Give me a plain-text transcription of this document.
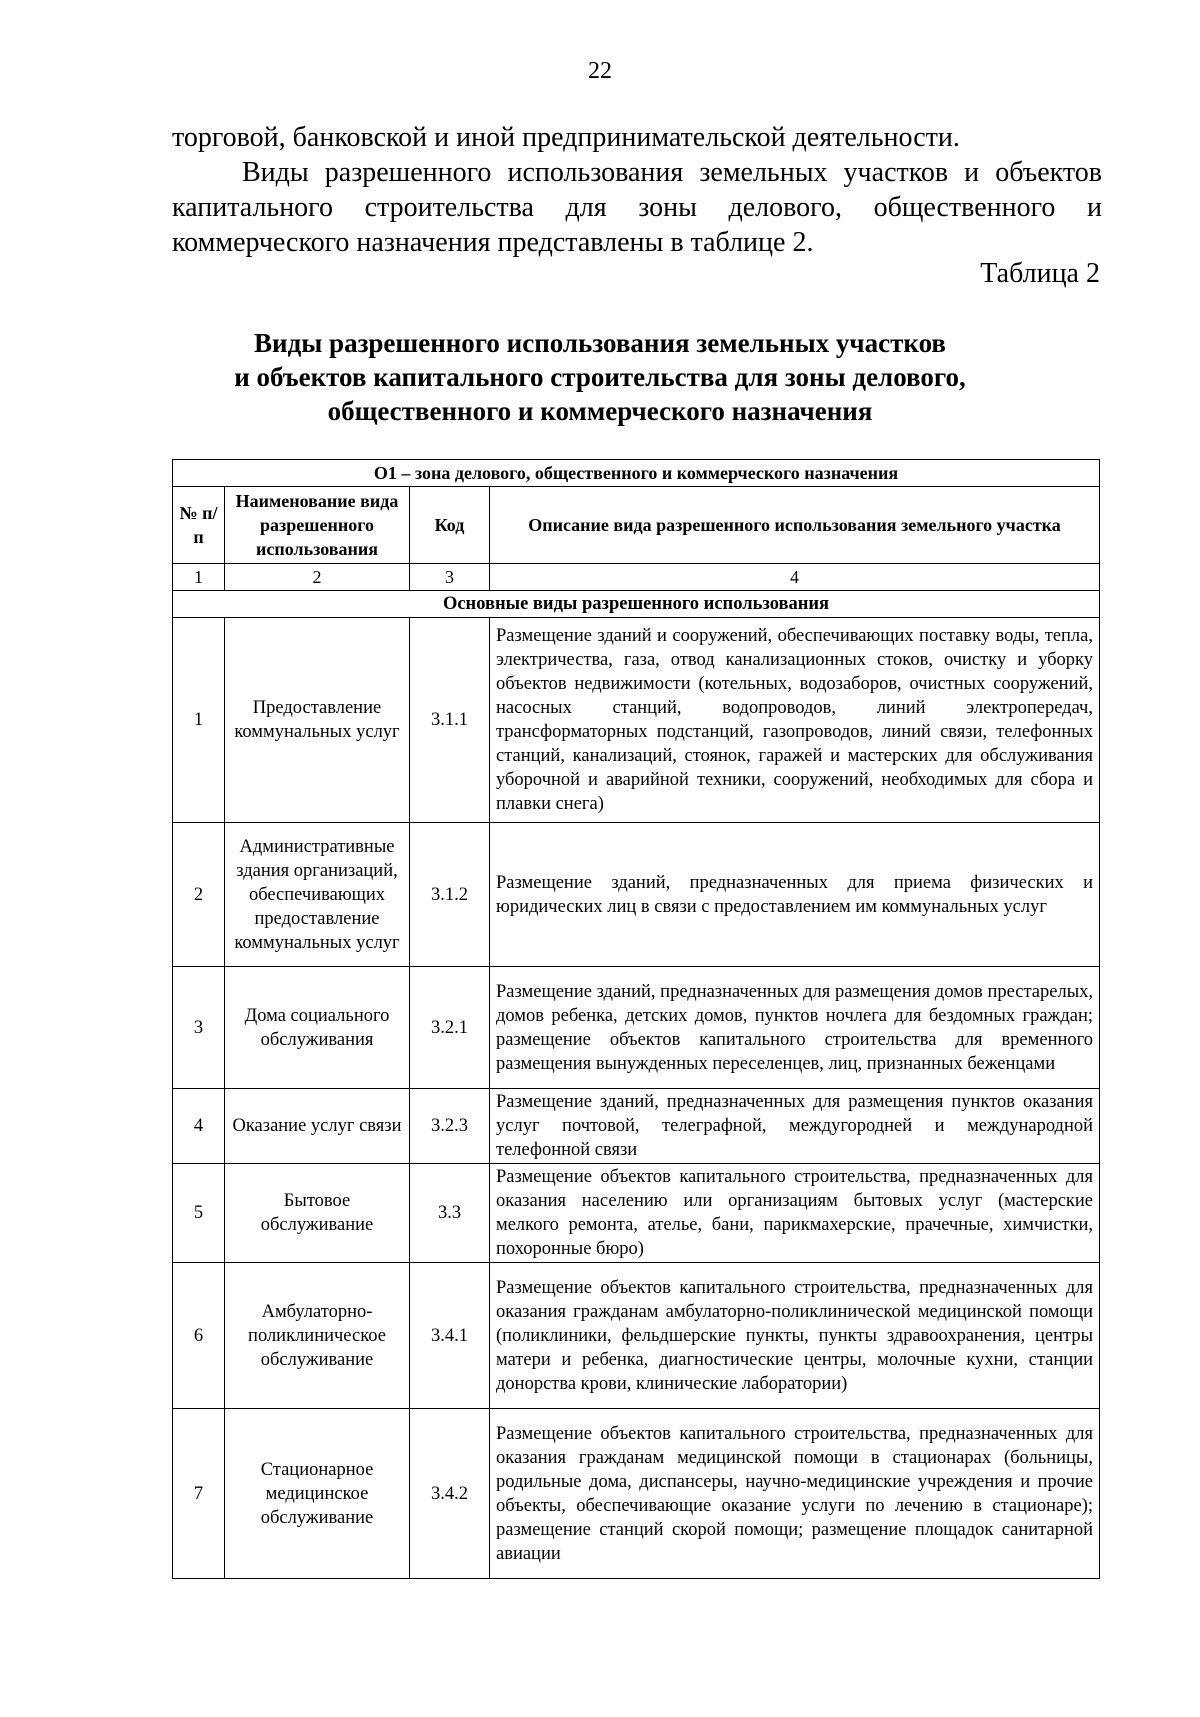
22

торговой, банковской и иной предпринимательской деятельности.

Виды разрешенного использования земельных участков и объектов капитального строительства для зоны делового, общественного и коммерческого назначения представлены в таблице 2.

Таблица 2
Виды разрешенного использования земельных участков
и объектов капитального строительства для зоны делового,
общественного и коммерческого назначения
О1 – зона делового, общественного и коммерческого назначения			
№ п/п	Наименование вида разрешенного использования	Код	Описание вида разрешенного использования земельного участка
1	2	3	4
Основные виды разрешенного использования			
1	Предоставление коммунальных услуг	3.1.1	Размещение зданий и сооружений, обеспечивающих поставку воды, тепла, электричества, газа, отвод канализационных стоков, очистку и уборку объектов недвижимости (котельных, водозаборов, очистных сооружений, насосных станций, водопроводов, линий электропередач, трансформаторных подстанций, газопроводов, линий связи, телефонных станций, канализаций, стоянок, гаражей и мастерских для обслуживания уборочной и аварийной техники, сооружений, необходимых для сбора и плавки снега)
2	Административные здания организаций, обеспечивающих предоставление коммунальных услуг	3.1.2	Размещение зданий, предназначенных для приема физических и юридических лиц в связи с предоставлением им коммунальных услуг
3	Дома социального обслуживания	3.2.1	Размещение зданий, предназначенных для размещения домов престарелых, домов ребенка, детских домов, пунктов ночлега для бездомных граждан; размещение объектов капитального строительства для временного размещения вынужденных переселенцев, лиц, признанных беженцами
4	Оказание услуг связи	3.2.3	Размещение зданий, предназначенных для размещения пунктов оказания услуг почтовой, телеграфной, междугородней и международной телефонной связи
5	Бытовое обслуживание	3.3	Размещение объектов капитального строительства, предназначенных для оказания населению или организациям бытовых услуг (мастерские мелкого ремонта, ателье, бани, парикмахерские, прачечные, химчистки, похоронные бюро)
6	Амбулаторно-поликлиническое обслуживание	3.4.1	Размещение объектов капитального строительства, предназначенных для оказания гражданам амбулаторно-поликлинической медицинской помощи (поликлиники, фельдшерские пункты, пункты здравоохранения, центры матери и ребенка, диагностические центры, молочные кухни, станции донорства крови, клинические лаборатории)
7	Стационарное медицинское обслуживание	3.4.2	Размещение объектов капитального строительства, предназначенных для оказания гражданам медицинской помощи в стационарах (больницы, родильные дома, диспансеры, научно-медицинские учреждения и прочие объекты, обеспечивающие оказание услуги по лечению в стационаре); размещение станций скорой помощи; размещение площадок санитарной авиации
